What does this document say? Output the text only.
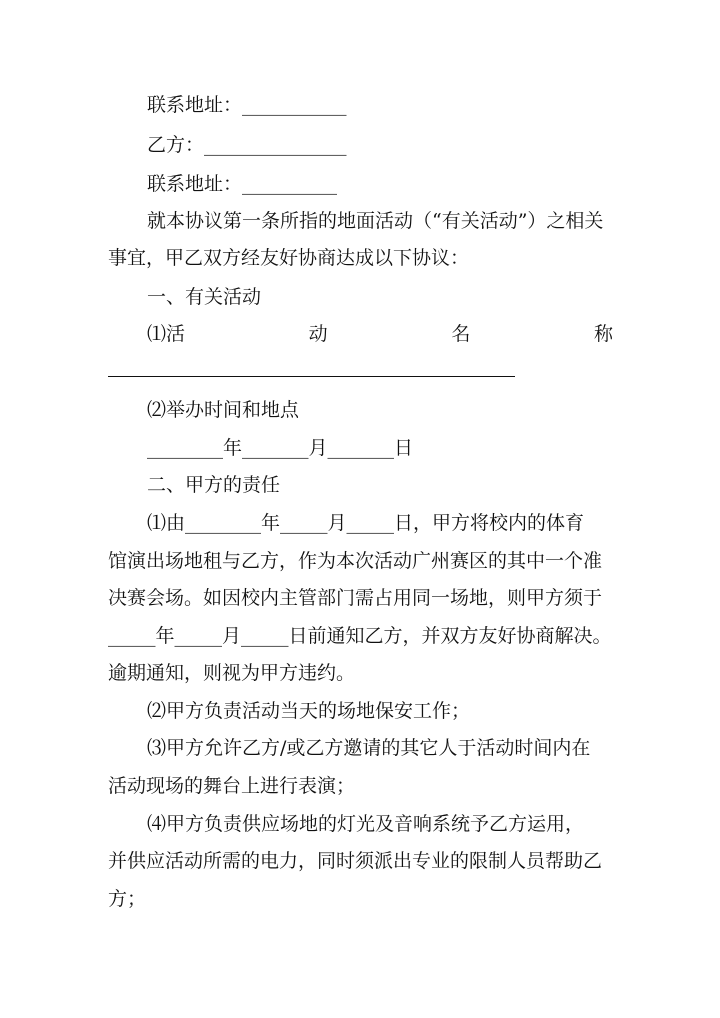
联系地址：___________
乙方：_______________
联系地址：__________
就本协议第一条所指的地面活动（“有关活动”）之相关
事宜，甲乙双方经友好协商达成以下协议：
一、有关活动
⑴活	动	名	称
⑵举办时间和地点
________年_______月_______日
二、甲方的责任
⑴由________年_____月_____日，甲方将校内的体育
馆演出场地租与乙方，作为本次活动广州赛区的其中一个准
决赛会场。如因校内主管部门需占用同一场地，则甲方须于
_____年_____月_____日前通知乙方，并双方友好协商解决。
逾期通知，则视为甲方违约。
⑵甲方负责活动当天的场地保安工作；
⑶甲方允许乙方/或乙方邀请的其它人于活动时间内在
活动现场的舞台上进行表演；
⑷甲方负责供应场地的灯光及音响系统予乙方运用，
并供应活动所需的电力，同时须派出专业的限制人员帮助乙
方；
